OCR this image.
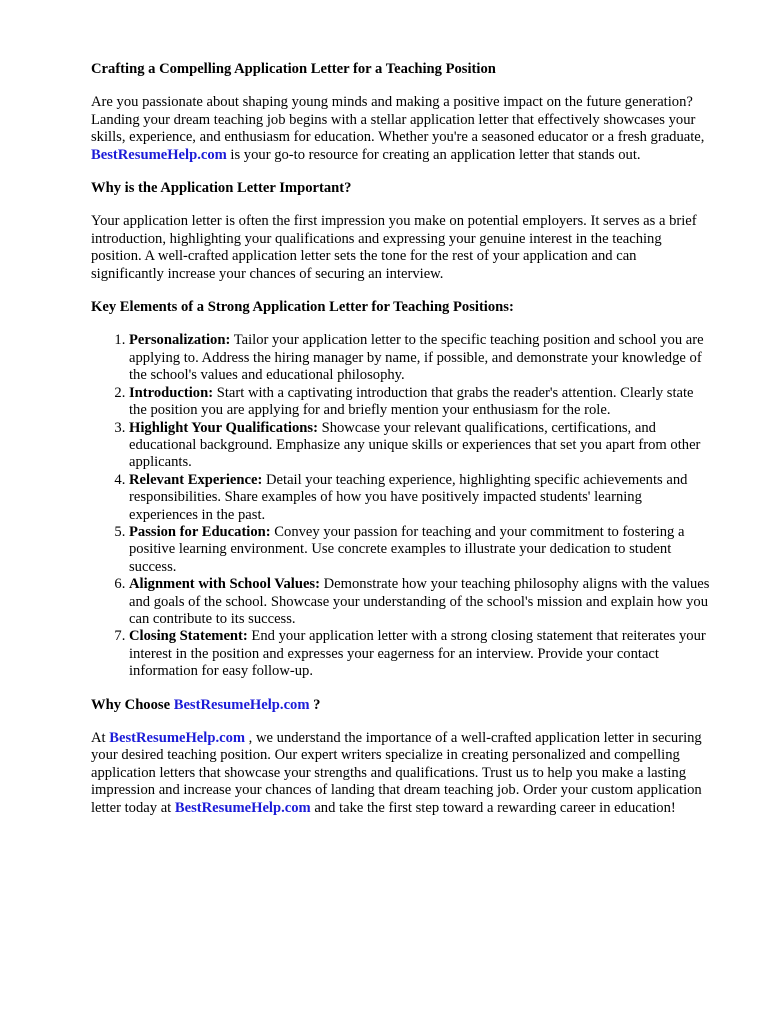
Crafting a Compelling Application Letter for a Teaching Position

Are you passionate about shaping young minds and making a positive impact on the future generation? Landing your dream teaching job begins with a stellar application letter that effectively showcases your skills, experience, and enthusiasm for education. Whether you're a seasoned educator or a fresh graduate, BestResumeHelp.com is your go-to resource for creating an application letter that stands out.

Why is the Application Letter Important?

Your application letter is often the first impression you make on potential employers. It serves as a brief introduction, highlighting your qualifications and expressing your genuine interest in the teaching position. A well-crafted application letter sets the tone for the rest of your application and can significantly increase your chances of securing an interview.

Key Elements of a Strong Application Letter for Teaching Positions:
1. Personalization: Tailor your application letter to the specific teaching position and school you are applying to. Address the hiring manager by name, if possible, and demonstrate your knowledge of the school's values and educational philosophy.
2. Introduction: Start with a captivating introduction that grabs the reader's attention. Clearly state the position you are applying for and briefly mention your enthusiasm for the role.
3. Highlight Your Qualifications: Showcase your relevant qualifications, certifications, and educational background. Emphasize any unique skills or experiences that set you apart from other applicants.
4. Relevant Experience: Detail your teaching experience, highlighting specific achievements and responsibilities. Share examples of how you have positively impacted students' learning experiences in the past.
5. Passion for Education: Convey your passion for teaching and your commitment to fostering a positive learning environment. Use concrete examples to illustrate your dedication to student success.
6. Alignment with School Values: Demonstrate how your teaching philosophy aligns with the values and goals of the school. Showcase your understanding of the school's mission and explain how you can contribute to its success.
7. Closing Statement: End your application letter with a strong closing statement that reiterates your interest in the position and expresses your eagerness for an interview. Provide your contact information for easy follow-up.
Why Choose BestResumeHelp.com ?

At BestResumeHelp.com , we understand the importance of a well-crafted application letter in securing your desired teaching position. Our expert writers specialize in creating personalized and compelling application letters that showcase your strengths and qualifications. Trust us to help you make a lasting impression and increase your chances of landing that dream teaching job. Order your custom application letter today at BestResumeHelp.com and take the first step toward a rewarding career in education!
